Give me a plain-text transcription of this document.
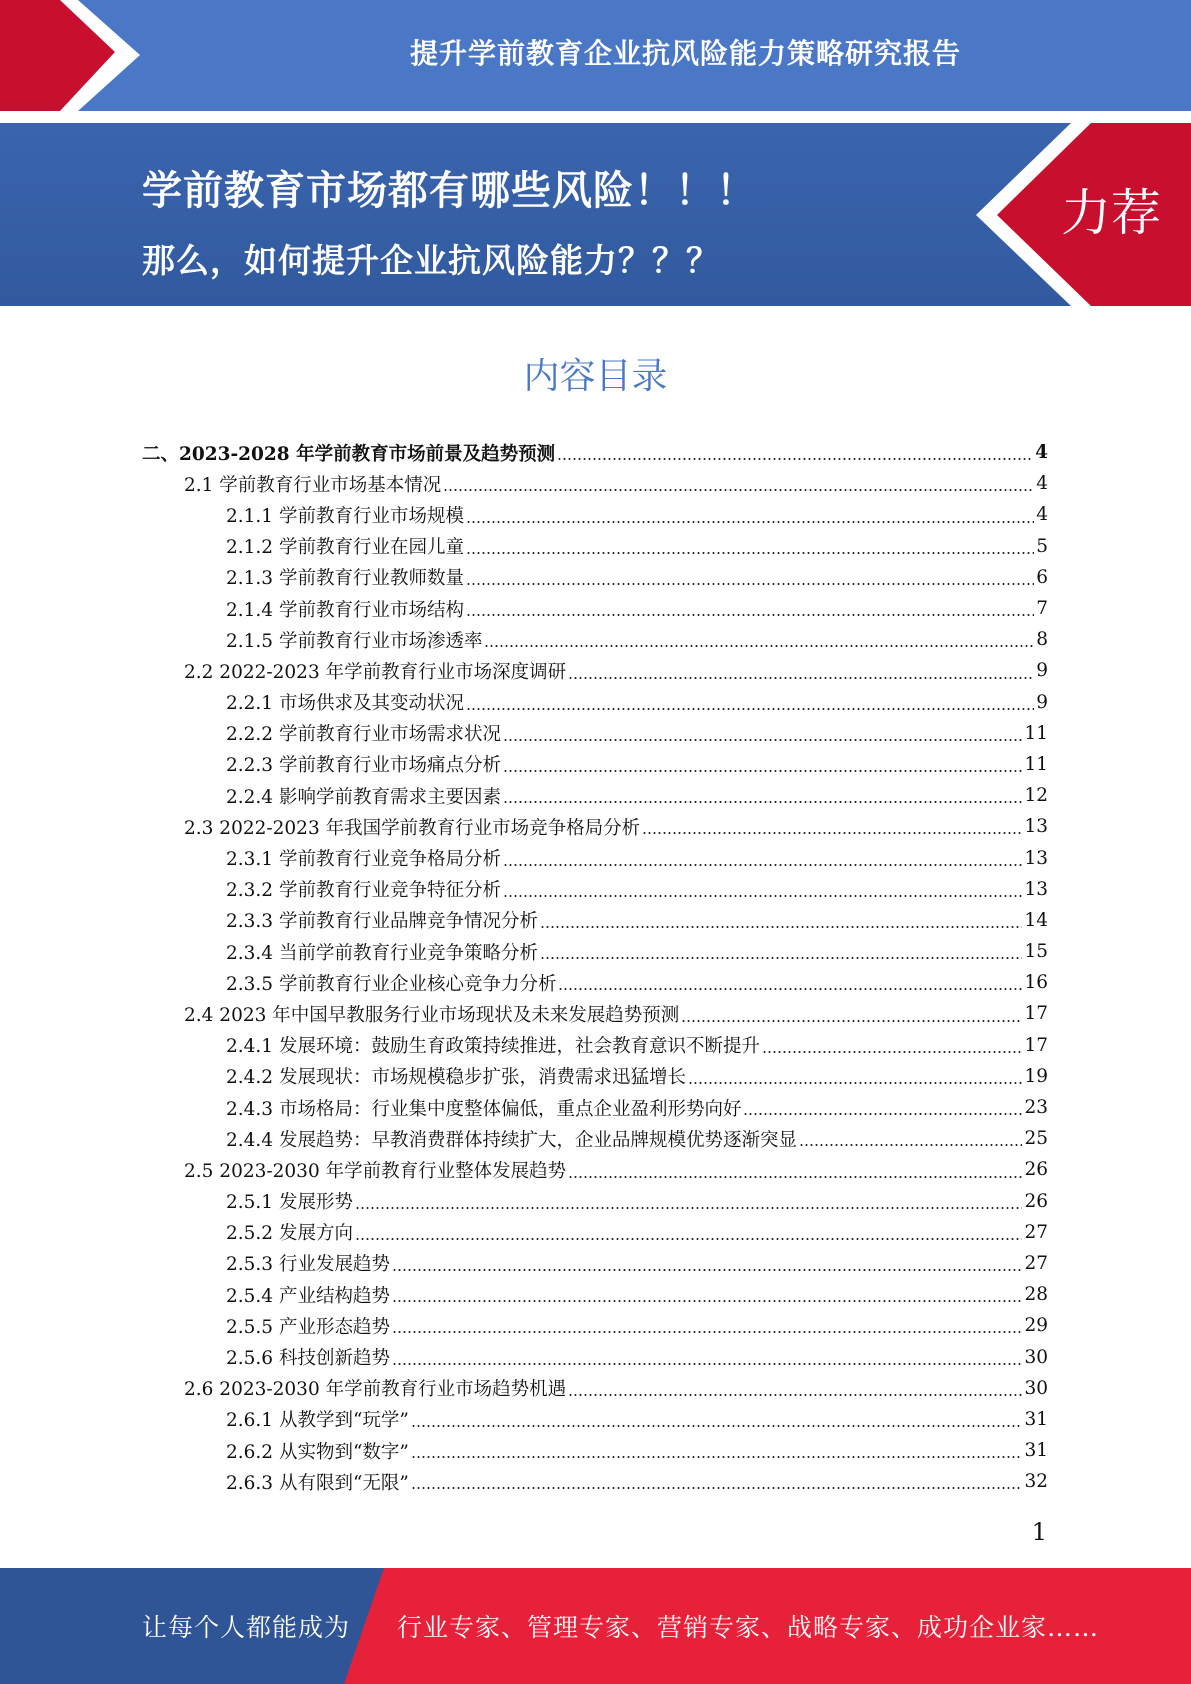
提升学前教育企业抗风险能力策略研究报告
学前教育市场都有哪些风险！！！
那么，如何提升企业抗风险能力？？？
力荐
内容目录
二、2023-2028 年学前教育市场前景及趋势预测	4
2.1 学前教育行业市场基本情况	4
2.1.1 学前教育行业市场规模	4
2.1.2 学前教育行业在园儿童	5
2.1.3 学前教育行业教师数量	6
2.1.4 学前教育行业市场结构	7
2.1.5 学前教育行业市场渗透率	8
2.2 2022-2023 年学前教育行业市场深度调研	9
2.2.1 市场供求及其变动状况	9
2.2.2 学前教育行业市场需求状况	11
2.2.3 学前教育行业市场痛点分析	11
2.2.4 影响学前教育需求主要因素	12
2.3 2022-2023 年我国学前教育行业市场竞争格局分析	13
2.3.1 学前教育行业竞争格局分析	13
2.3.2 学前教育行业竞争特征分析	13
2.3.3 学前教育行业品牌竞争情况分析	14
2.3.4 当前学前教育行业竞争策略分析	15
2.3.5 学前教育行业企业核心竞争力分析	16
2.4 2023 年中国早教服务行业市场现状及未来发展趋势预测	17
2.4.1 发展环境：鼓励生育政策持续推进，社会教育意识不断提升	17
2.4.2 发展现状：市场规模稳步扩张，消费需求迅猛增长	19
2.4.3 市场格局：行业集中度整体偏低，重点企业盈利形势向好	23
2.4.4 发展趋势：早教消费群体持续扩大，企业品牌规模优势逐渐突显	25
2.5 2023-2030 年学前教育行业整体发展趋势	26
2.5.1 发展形势	26
2.5.2 发展方向	27
2.5.3 行业发展趋势	27
2.5.4 产业结构趋势	28
2.5.5 产业形态趋势	29
2.5.6 科技创新趋势	30
2.6 2023-2030 年学前教育行业市场趋势机遇	30
2.6.1 从教学到“玩学”	31
2.6.2 从实物到“数字”	31
2.6.3 从有限到“无限”	32
1
让每个人都能成为 行业专家、管理专家、营销专家、战略专家、成功企业家……
